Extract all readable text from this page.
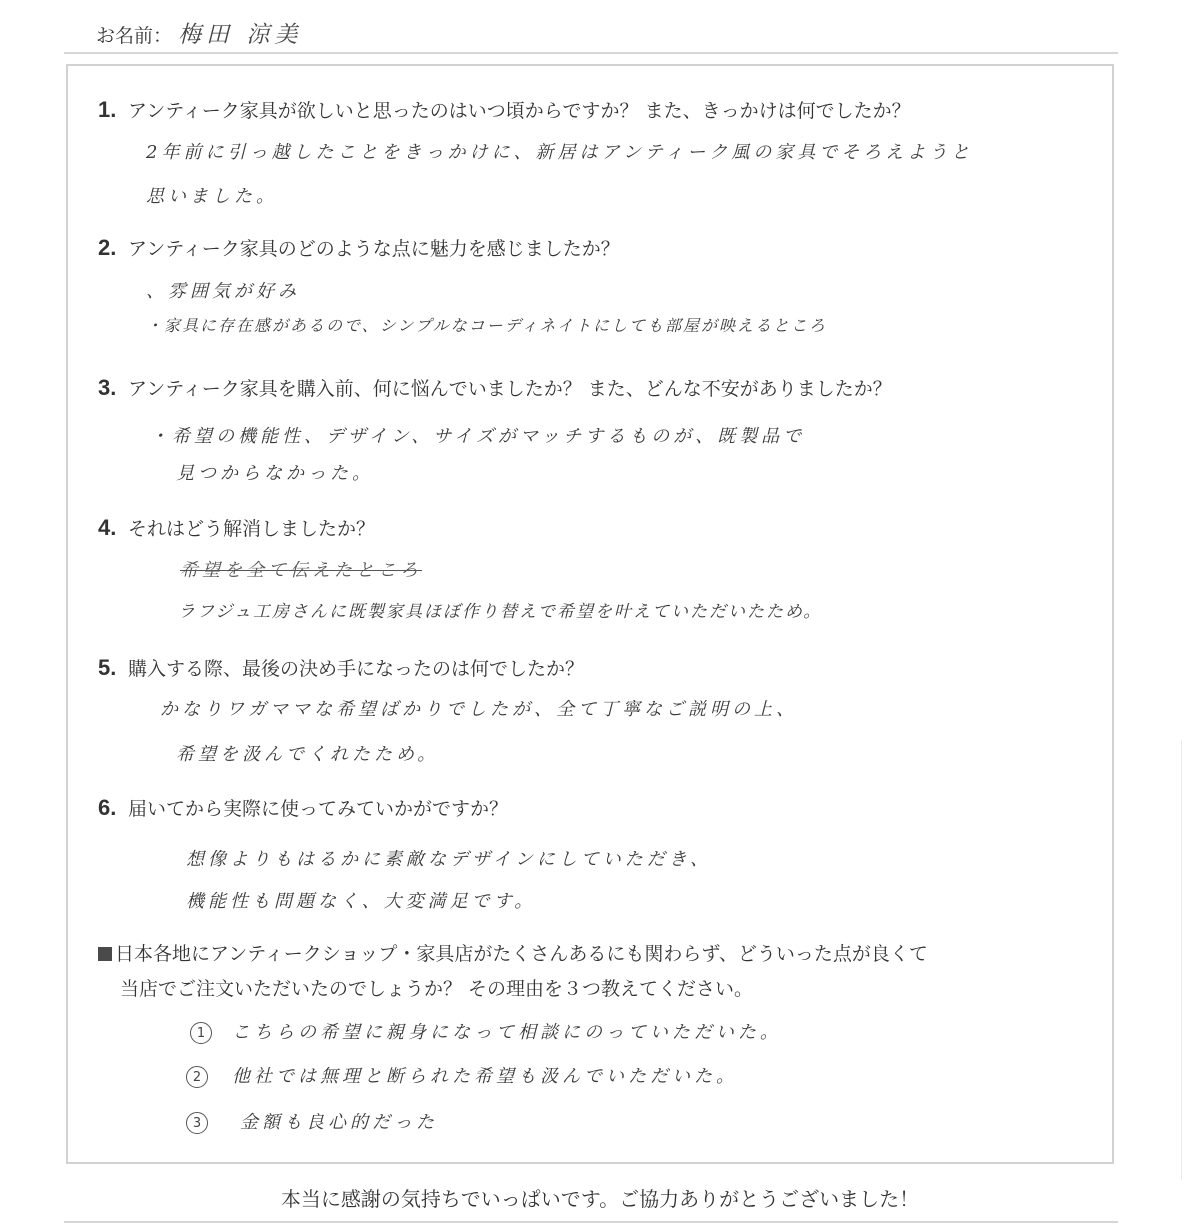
お名前： 梅田 涼美
1. アンティーク家具が欲しいと思ったのはいつ頃からですか？ また、きっかけは何でしたか？
2年前に引っ越したことをきっかけに、新居はアンティーク風の家具でそろえようと
思いました。
2. アンティーク家具のどのような点に魅力を感じましたか？
、雰囲気が好み
・家具に存在感があるので、シンプルなコーディネイトにしても部屋が映えるところ
3. アンティーク家具を購入前、何に悩んでいましたか？ また、どんな不安がありましたか？
・希望の機能性、デザイン、サイズがマッチするものが、既製品で
見つからなかった。
4. それはどう解消しましたか？
希望を全て伝えたところ
ラフジュ工房さんに既製家具ほぼ作り替えで希望を叶えていただいたため。
5. 購入する際、最後の決め手になったのは何でしたか？
かなりワガママな希望ばかりでしたが、全て丁寧なご説明の上、
希望を汲んでくれたため。
6. 届いてから実際に使ってみていかがですか？
想像よりもはるかに素敵なデザインにしていただき、
機能性も問題なく、大変満足です。
日本各地にアンティークショップ・家具店がたくさんあるにも関わらず、どういった点が良くて
当店でご注文いただいたのでしょうか？ その理由を３つ教えてください。
1	こちらの希望に親身になって相談にのっていただいた。
2	他社では無理と断られた希望も汲んでいただいた。
3	金額も良心的だった
本当に感謝の気持ちでいっぱいです。ご協力ありがとうございました！
